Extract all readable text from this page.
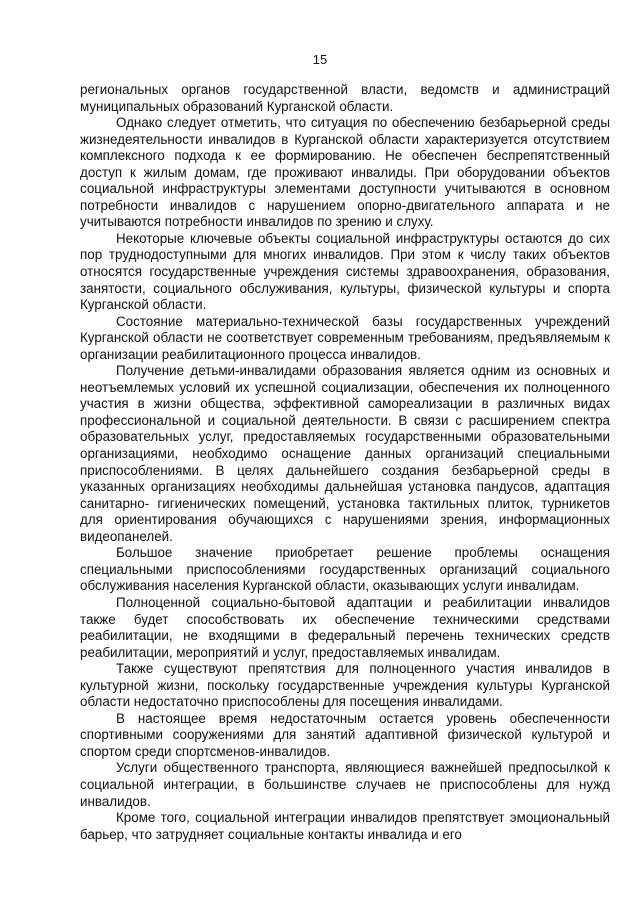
15

региональных органов государственной власти, ведомств и администраций муниципальных образований Курганской области.

Однако следует отметить, что ситуация по обеспечению безбарьерной среды жизнедеятельности инвалидов в Курганской области характеризуется отсутствием комплексного подхода к ее формированию. Не обеспечен беспрепятственный доступ к жилым домам, где проживают инвалиды. При оборудовании объектов социальной инфраструктуры элементами доступности учитываются в основном потребности инвалидов с нарушением опорно-двигательного аппарата и не учитываются потребности инвалидов по зрению и слуху.

Некоторые ключевые объекты социальной инфраструктуры остаются до сих пор труднодоступными для многих инвалидов. При этом к числу таких объектов относятся государственные учреждения системы здравоохранения, образования, занятости, социального обслуживания, культуры, физической культуры и спорта Курганской области.

Состояние материально-технической базы государственных учреждений Курганской области не соответствует современным требованиям, предъявляемым к организации реабилитационного процесса инвалидов.

Получение детьми-инвалидами образования является одним из основных и неотъемлемых условий их успешной социализации, обеспечения их полноценного участия в жизни общества, эффективной самореализации в различных видах профессиональной и социальной деятельности. В связи с расширением спектра образовательных услуг, предоставляемых государственными образовательными организациями, необходимо оснащение данных организаций специальными приспособлениями. В целях дальнейшего создания безбарьерной среды в указанных организациях необходимы дальнейшая установка пандусов, адаптация санитарно- гигиенических помещений, установка тактильных плиток, турникетов для ориентирования обучающихся с нарушениями зрения, информационных видеопанелей.

Большое значение приобретает решение проблемы оснащения специальными приспособлениями государственных организаций социального обслуживания населения Курганской области, оказывающих услуги инвалидам.

Полноценной социально-бытовой адаптации и реабилитации инвалидов также будет способствовать их обеспечение техническими средствами реабилитации, не входящими в федеральный перечень технических средств реабилитации, мероприятий и услуг, предоставляемых инвалидам.

Также существуют препятствия для полноценного участия инвалидов в культурной жизни, поскольку государственные учреждения культуры Курганской области недостаточно приспособлены для посещения инвалидами.

В настоящее время недостаточным остается уровень обеспеченности спортивными сооружениями для занятий адаптивной физической культурой и спортом среди спортсменов-инвалидов.

Услуги общественного транспорта, являющиеся важнейшей предпосылкой к социальной интеграции, в большинстве случаев не приспособлены для нужд инвалидов.

Кроме того, социальной интеграции инвалидов препятствует эмоциональный барьер, что затрудняет социальные контакты инвалида и его
